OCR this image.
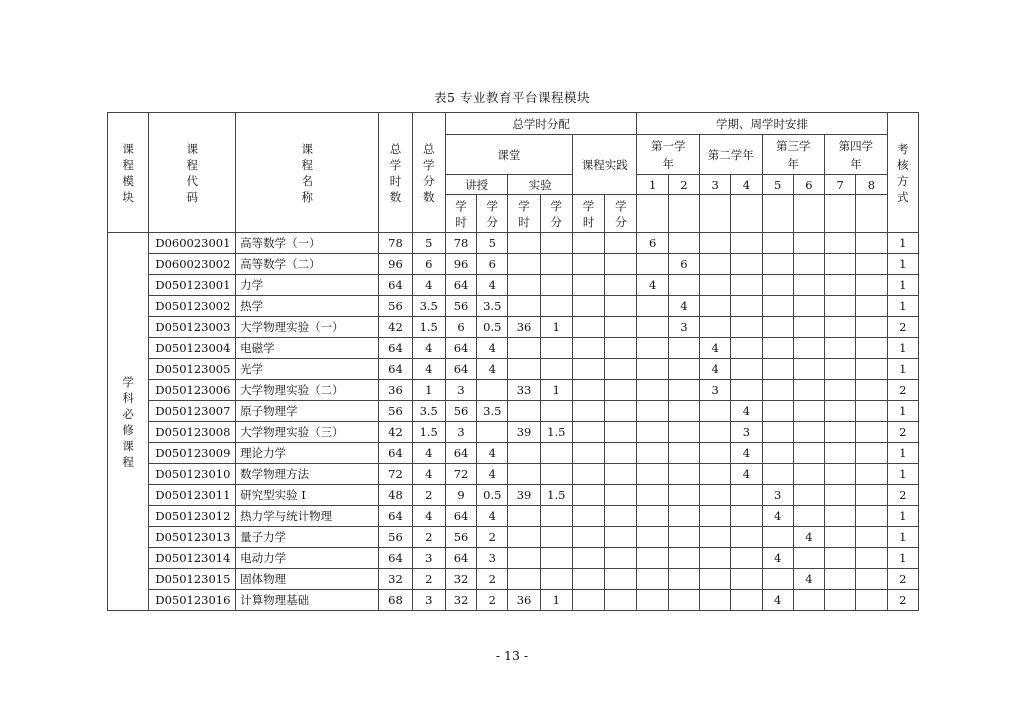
表5 专业教育平台课程模块
课程模块	课程代码	课程名称	总学时数	总学分数	总学时分配						学期、周学时安排								考核方式

					课堂				课程实践		第一学
年		第二学年		第三学
年		第四学
年		
					讲授		实验				1	2	3	4	5	6	7	8	

					学时	学分	学时	学分	学时	学分									

学科必修课程	D060023001	高等数学（一）	78	5	78	5					6								1
	D060023002	高等数学（二）	96	6	96	6						6							1
	D050123001	力学	64	4	64	4					4								1
	D050123002	热学	56	3.5	56	3.5						4							1
	D050123003	大学物理实验（一）	42	1.5	6	0.5	36	1				3							2
	D050123004	电磁学	64	4	64	4							4						1
	D050123005	光学	64	4	64	4							4						1
	D050123006	大学物理实验（二）	36	1	3		33	1					3						2
	D050123007	原子物理学	56	3.5	56	3.5								4					1
	D050123008	大学物理实验（三）	42	1.5	3		39	1.5						3					2
	D050123009	理论力学	64	4	64	4								4					1
	D050123010	数学物理方法	72	4	72	4								4					1
	D050123011	研究型实验 I	48	2	9	0.5	39	1.5							3				2
	D050123012	热力学与统计物理	64	4	64	4									4				1
	D050123013	量子力学	56	2	56	2										4			1
	D050123014	电动力学	64	3	64	3									4				1
	D050123015	固体物理	32	2	32	2										4			2
	D050123016	计算物理基础	68	3	32	2	36	1							4				2
- 13 -
